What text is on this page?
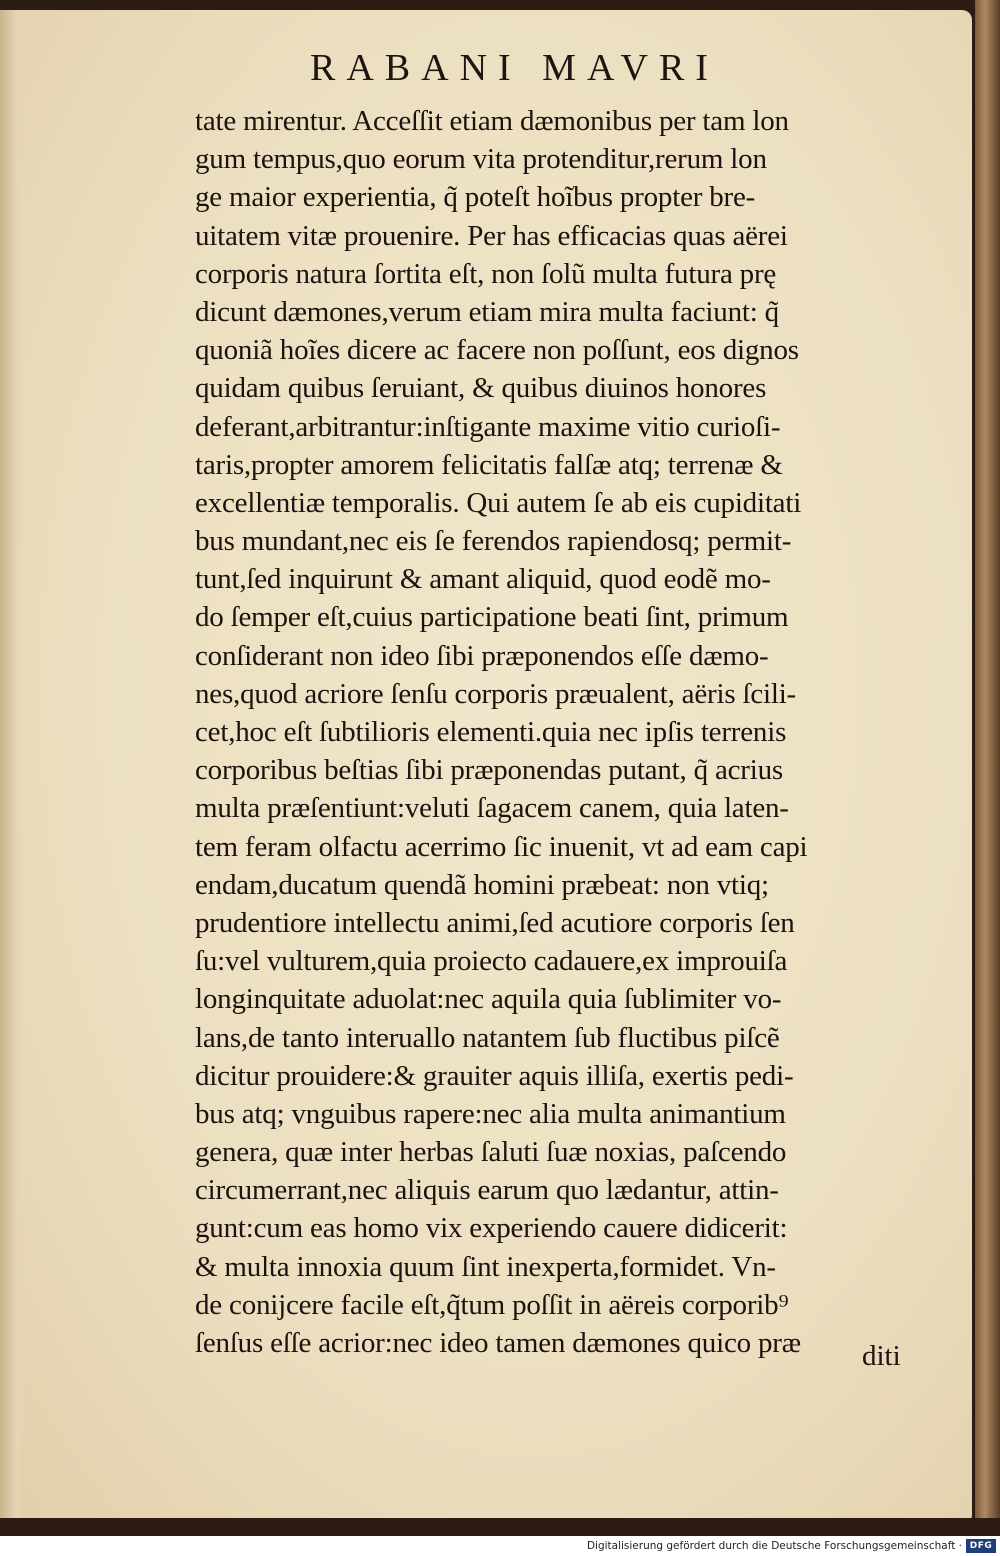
RABANI MAVRI
tate mirentur. Acceſſit etiam dæmonibus per tam lon
gum tempus,quo eorum vita protenditur,rerum lon
ge maior experientia, q̃ poteſt hoĩbus propter bre-
uitatem vitæ prouenire. Per has efficacias quas aërei
corporis natura ſortita eſt, non ſolũ multa futura prę
dicunt dæmones,verum etiam mira multa faciunt: q̃
quoniã hoĩes dicere ac facere non poſſunt, eos dignos
quidam quibus ſeruiant, & quibus diuinos honores
deferant,arbitrantur:inſtigante maxime vitio curioſi-
taris,propter amorem felicitatis falſæ atq; terrenæ &
excellentiæ temporalis. Qui autem ſe ab eis cupiditati
bus mundant,nec eis ſe ferendos rapiendosq; permit-
tunt,ſed inquirunt & amant aliquid, quod eodẽ mo-
do ſemper eſt,cuius participatione beati ſint, primum
conſiderant non ideo ſibi præponendos eſſe dæmo-
nes,quod acriore ſenſu corporis præualent, aëris ſcili-
cet,hoc eſt ſubtilioris elementi.quia nec ipſis terrenis
corporibus beſtias ſibi præponendas putant, q̃ acrius
multa præſentiunt:veluti ſagacem canem, quia laten-
tem feram olfactu acerrimo ſic inuenit, vt ad eam capi
endam,ducatum quendã homini præbeat: non vtiq;
prudentiore intellectu animi,ſed acutiore corporis ſen
ſu:vel vulturem,quia proiecto cadauere,ex improuiſa
longinquitate aduolat:nec aquila quia ſublimiter vo-
lans,de tanto interuallo natantem ſub fluctibus piſcẽ
dicitur prouidere:& grauiter aquis illiſa, exertis pedi-
bus atq; vnguibus rapere:nec alia multa animantium
genera, quæ inter herbas ſaluti ſuæ noxias, paſcendo
circumerrant,nec aliquis earum quo lædantur, attin-
gunt:cum eas homo vix experiendo cauere didicerit:
& multa innoxia quum ſint inexperta,formidet. Vn-
de conijcere facile eſt,q̃tum poſſit in aëreis corporib⁹
ſenſus eſſe acrior:nec ideo tamen dæmones quico præ	diti
Digitalisierung gefördert durch die Deutsche Forschungsgemeinschaft · DFG
